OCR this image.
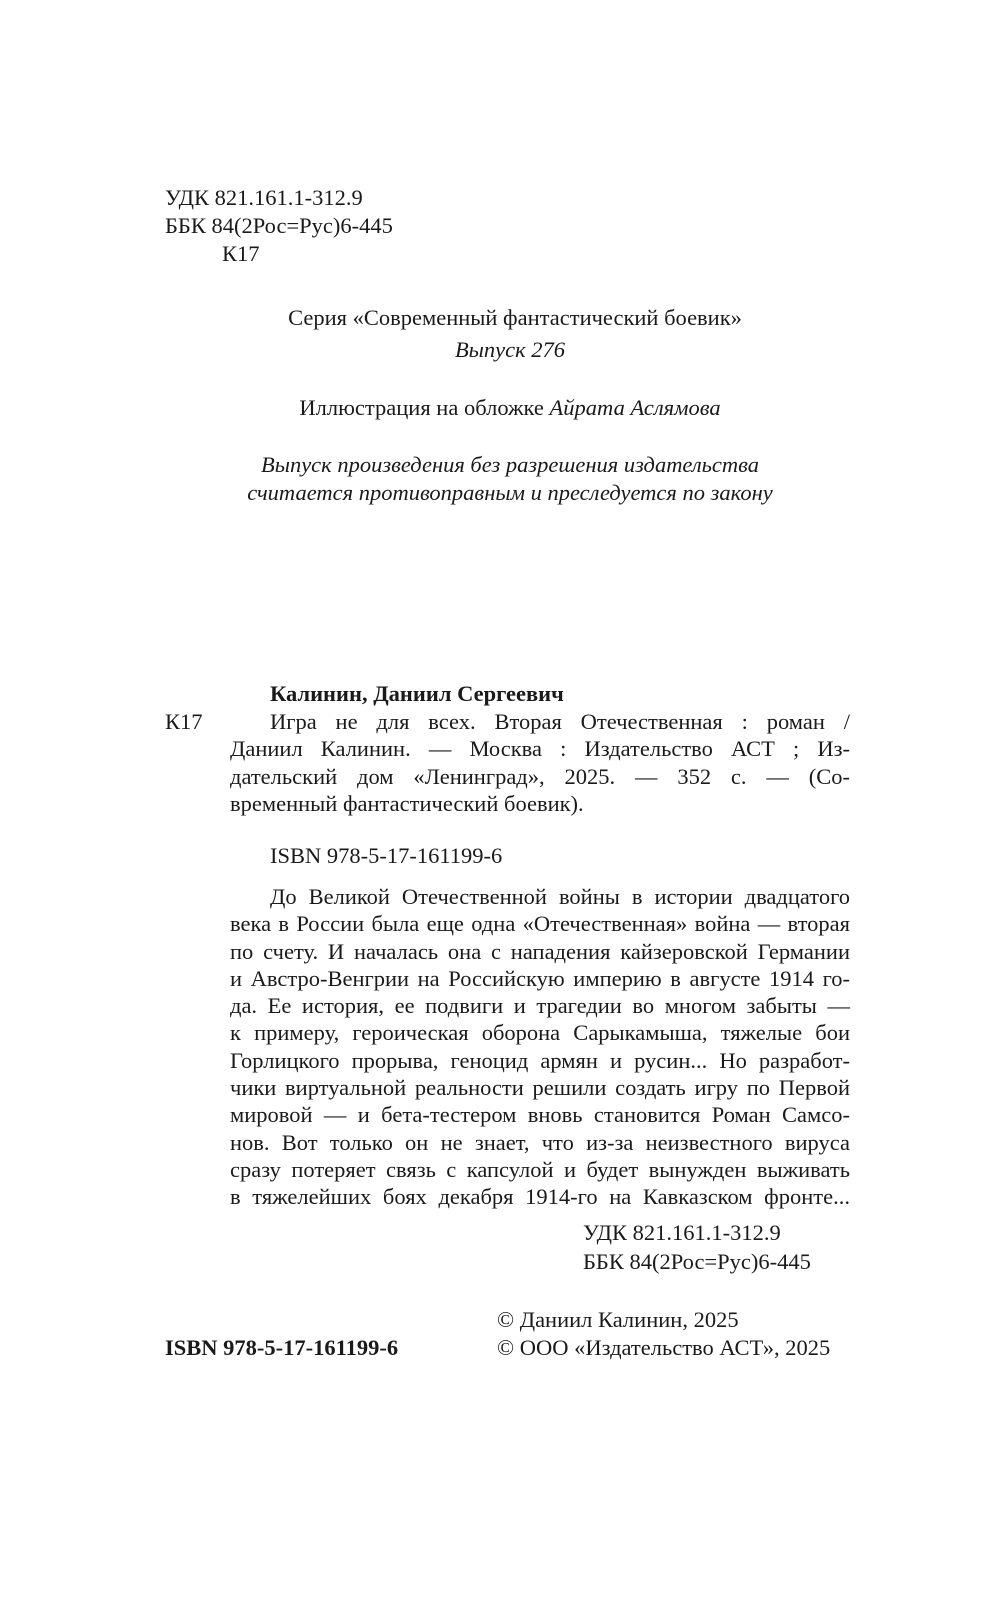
УДК 821.161.1-312.9
ББК 84(2Рос=Рус)6-445
К17
Серия «Современный фантастический боевик»
Выпуск 276
Иллюстрация на обложке Айрата Аслямова
Выпуск произведения без разрешения издательства
считается противоправным и преследуется по закону
Калинин, Даниил Сергеевич
К17	Игра не для всех. Вторая Отечественная : роман /
Даниил Калинин. — Москва : Издательство АСТ ; Из-
дательский дом «Ленинград», 2025. — 352 с. — (Со-
временный фантастический боевик).
ISBN 978-5-17-161199-6
До Великой Отечественной войны в истории двадцатого
века в России была еще одна «Отечественная» война — вторая
по счету. И началась она с нападения кайзеровской Германии
и Австро-Венгрии на Российскую империю в августе 1914 го-
да. Ее история, ее подвиги и трагедии во многом забыты —
к примеру, героическая оборона Сарыкамыша, тяжелые бои
Горлицкого прорыва, геноцид армян и русин... Но разработ-
чики виртуальной реальности решили создать игру по Первой
мировой — и бета-тестером вновь становится Роман Самсо-
нов. Вот только он не знает, что из-за неизвестного вируса
сразу потеряет связь с капсулой и будет вынужден выживать
в тяжелейших боях декабря 1914-го на Кавказском фронте...
УДК 821.161.1-312.9
ББК 84(2Рос=Рус)6-445
ISBN 978-5-17-161199-6
© Даниил Калинин, 2025
© ООО «Издательство АСТ», 2025
